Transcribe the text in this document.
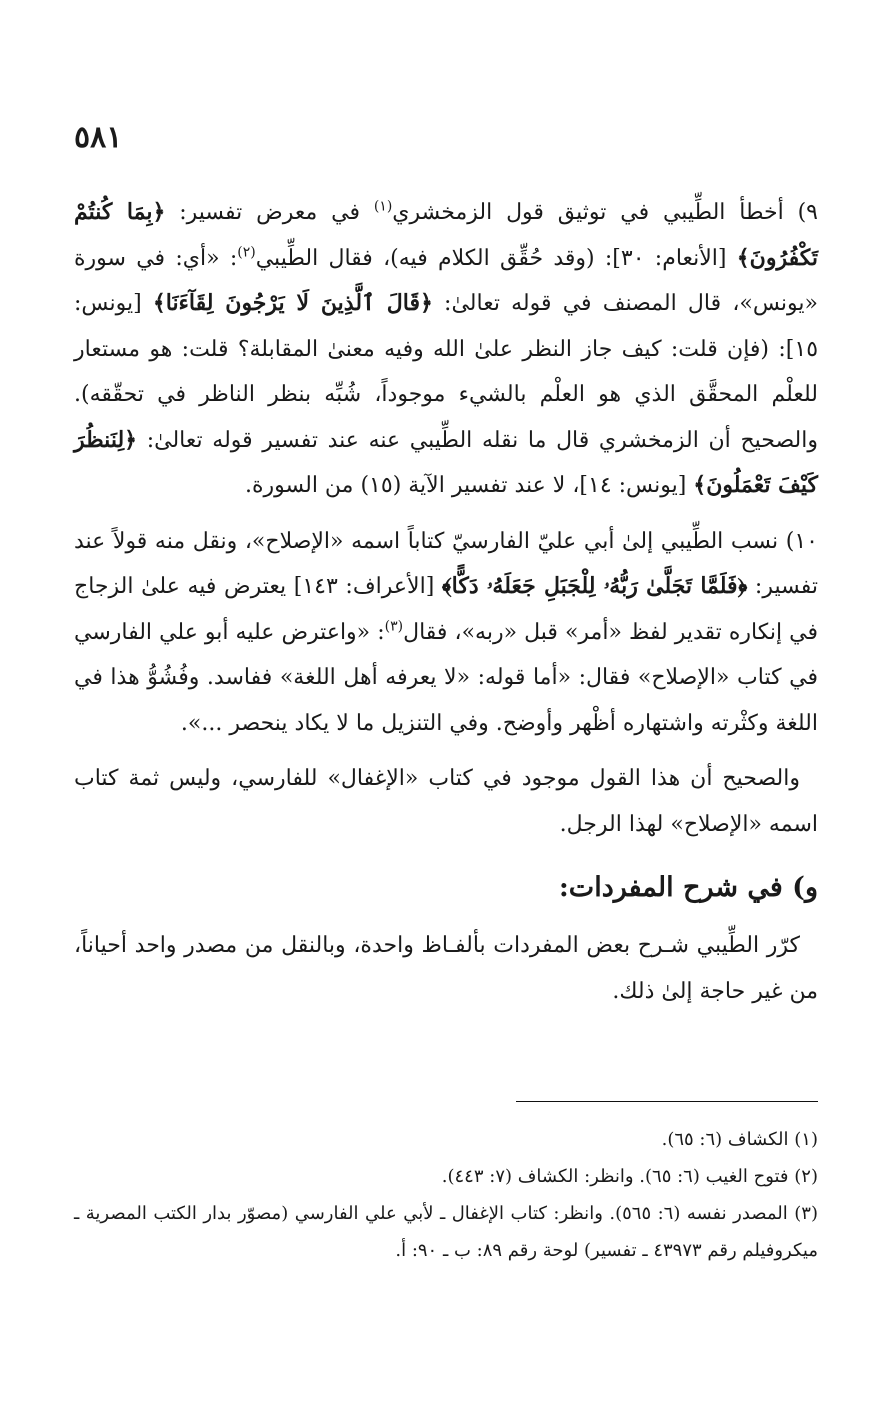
٥٨١

٩) أخطأ الطِّيبي في توثيق قول الزمخشري$^{(١)}$ في معرض تفسير: ﴿بِمَا كُنتُمْ تَكْفُرُونَ﴾ [الأنعام: ٣٠]: (وقد حُقِّق الكلام فيه)، فقال الطِّيبي$^{(٢)}$: «أي: في سورة «يونس»، قال المصنف في قوله تعالىٰ: ﴿قَالَ ٱلَّذِينَ لَا يَرْجُونَ لِقَآءَنَا﴾ [يونس: ١٥]: (فإن قلت: كيف جاز النظر علىٰ الله وفيه معنىٰ المقابلة؟ قلت: هو مستعار للعلْم المحقَّق الذي هو العلْم بالشيء موجوداً، شُبِّه بنظر الناظر في تحقّقه). والصحيح أن الزمخشري قال ما نقله الطِّيبي عنه عند تفسير قوله تعالىٰ: ﴿لِنَنظُرَ كَيْفَ تَعْمَلُونَ﴾ [يونس: ١٤]، لا عند تفسير الآية (١٥) من السورة.

١٠) نسب الطِّيبي إلىٰ أبي عليّ الفارسيّ كتاباً اسمه «الإصلاح»، ونقل منه قولاً عند تفسير: ﴿فَلَمَّا تَجَلَّىٰ رَبُّهُۥ لِلْجَبَلِ جَعَلَهُۥ دَكًّا﴾ [الأعراف: ١٤٣] يعترض فيه علىٰ الزجاج في إنكاره تقدير لفظ «أمر» قبل «ربه»، فقال$^{(٣)}$: «واعترض عليه أبو علي الفارسي في كتاب «الإصلاح» فقال: «أما قوله: «لا يعرفه أهل اللغة» ففاسد. وفُشُوُّ هذا في اللغة وكثْرته واشتهاره أظْهر وأوضح. وفي التنزيل ما لا يكاد ينحصر ...».

والصحيح أن هذا القول موجود في كتاب «الإغفال» للفارسي، وليس ثمة كتاب اسمه «الإصلاح» لهذا الرجل.

و) في شرح المفردات:

كرّر الطِّيبي شـرح بعض المفردات بألفـاظ واحدة، وبالنقل من مصدر واحد أحياناً، من غير حاجة إلىٰ ذلك.

(١) الكشاف (٦: ٦٥).

(٢) فتوح الغيب (٦: ٦٥). وانظر: الكشاف (٧: ٤٤٣).

(٣) المصدر نفسه (٦: ٥٦٥). وانظر: كتاب الإغفال ـ لأبي علي الفارسي (مصوّر بدار الكتب المصرية ـ ميكروفيلم رقم ٤٣٩٧٣ ـ تفسير) لوحة رقم ٨٩: ب ـ ٩٠: أ.
